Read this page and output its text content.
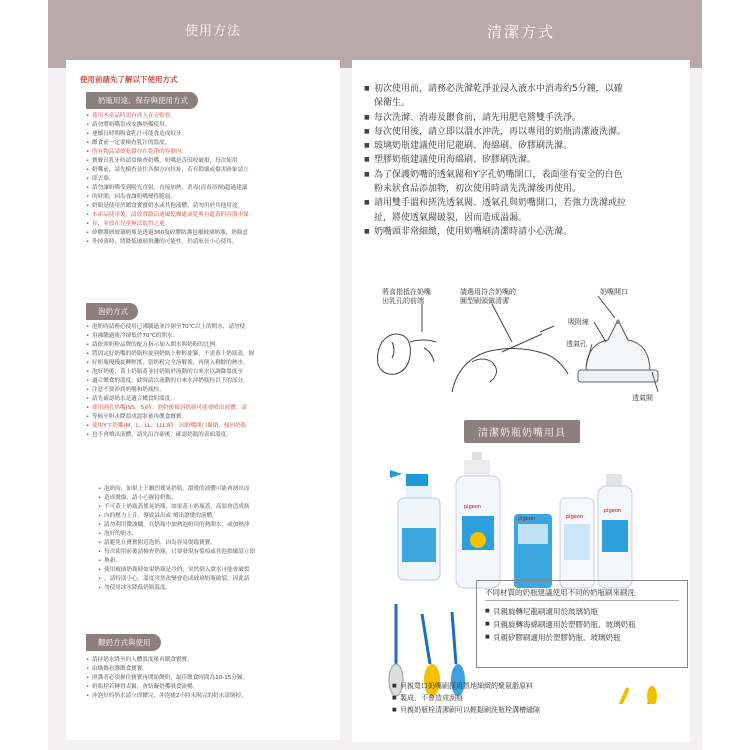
使用方法
使用前請先了解以下使用方式
奶瓶用途、保存與使用方式
• 使用本產品時需有成人在旁監督。
• 請勿將奶嘴當成安撫奶嘴使用。
• 連續長時間吸食乳汁可能會造成蛀牙。
• 餵食前一定要檢查乳汁的溫度。
• 所有物品請擦乾儲存在乾淨的容器內。
• 寶寶長乳牙時請常檢查奶嘴，奶嘴是否因咬破損，每次使用
• 奶嘴前，請先檢查並往各個方向拉扯，若有損壞或傷害跡象請立
• 即丟棄。
• 請勿讓奶嘴受到陽光直射、直接加熱、消毒(清毒溶劑)超過建議
• 的時間，因為會讓奶嘴變得脆弱。
• 奶瓶是使用於餵食寶寶奶水或其他液體，請勿用於其他用途。
• 本產品使用後，請放置陰涼通風乾燥處或乾爽有遮蓋的容器中保
• 存，並放在兒童無法取得之處。
• 矽膠護層玻璃奶瓶是透過360度矽膠防護包覆玻璃奶瓶，奶瓶意
• 外掉落時，將降低玻璃飛濺的可能性，仍請家長小心使用。
泡奶方式
• 泡奶時請務必使用已沸騰過並冷卻至70℃以上的開水，請勿使
• 用沸騰過後冷卻低於70℃的開水。
• 請依照奶粉品牌的配方指示加入開水與奶粉的比例。
• 將固定好奶嘴的奶瓶栓旋到奶瓶上輕輕旋緊，不需蓋上奶瓶蓋，握
• 好奶瓶慢慢旋轉輕搖，當奶粉完全溶解後，再倒入剩餘的熱水。
• 泡好奶後，蓋上奶瓶蓋並持奶瓶於流動的自來水以調降溫度至
• 適合餵食的溫度，此時請以流動的自來水沖奶瓶栓以下的部分，
• 注意不要沖到奶嘴和奶瓶栓。
• 請先確認奶水是適合餵食的溫度。
• 使用圓孔奶嘴(SS、S)時：泡奶後傾斜奶瓶可能會噴出液體。請
• 等候至奶水降溫成溫狀後再餵食寶寶。
• 使用Y字奶嘴(M、L、LL、LLL)時：因奶嘴開口緊閉，傾斜奶瓶
• 也不會噴出液體。請先沿冷卻後，確認奶瓶的表面溫度。
• 泡奶時，如果上下劇烈搖晃奶瓶，滾燙的液體可能會湧出而
• 造成燙傷，請小心握持奶瓶。
• 不可蓋上奶瓶蓋搖晃奶瓶，如果蓋上奶瓶蓋，高溫會造成瓶
• 內的壓力上升，導致溢出或 噴出滾燙的液體。
• 請勿利用微波爐，在奶瓶中加熱泡奶用的熱開水，或加熱沖
• 泡好的奶水。
• 請避免在寶寶附近泡奶，因為容易燙傷寶寶。
• 每次使用前後請檢查奶瓶，只要發現有裂痕或其他損壞請立即
• 換新。
• 使用玻璃奶瓶時如果奶瓶是冷的，突然倒入滾水可能會破裂
• ，請特別小心。溫度突然改變會造成玻璃奶瓶破裂，因此請
• 勿使用冰水降低奶瓶溫度。
餵奶方式與使用
• 請持奶水降至約人體溫度後再餵食寶寶。
• 由媽媽看護餵食寶寶。
• 照護者必須握住寶寶再開始餵奶，最佳餵食時間為10-15分鐘。
• 奶瓶栓若轉得太緊，會妨礙奶嘴吸食流暢。
• 沖泡好的奶水請立即餵完，沖泡後2小時未喝完的奶水請倒掉。
清潔方式
■ 初次使用前，請務必洗滌乾淨並浸入液水中消毒約5分鐘，以確
保衛生。
■ 每次洗滌、消毒及餵食前，請先用肥皂將雙手洗淨。
■ 每次使用後，請立即以溫水沖洗，再以專用的奶瓶清潔液洗滌。
■ 玻璃奶瓶建議使用尼龍刷、海綿刷、矽膠刷洗滌。
■ 塑膠奶瓶建議使用海綿刷、矽膠刷洗滌。
■ 為了保護奶嘴的透氣閥和Y字孔奶嘴開口，表面塗有安全的白色
粉末狀食品添加物，初次使用時請先洗滌後再使用。
■ 請用雙手溫和搓洗透氣閥、透氣孔與奶嘴開口，若強力洗滌或拉
扯，將使透氣閥破裂，因而造成溢漏。
■ 奶嘴頭非常細緻，使用奶嘴刷清潔時請小心洗滌。
將食指抵在奶嘴
出乳孔的前端
請選用符合奶嘴的
圓型刷頭做清潔
奶嘴開口
吸附線
透氣孔
透氣閥
清潔奶瓶奶嘴用具
pigeon
pigeon	pigeon
pigeon
不同材質的奶瓶建議使用不同的奶瓶刷來刷洗
■ 貝親旋轉尼龍刷適用於玻璃奶瓶
■ 貝親旋轉海綿刷適用於塑膠奶瓶、玻璃奶瓶
■ 貝親矽膠刷適用於塑膠奶瓶、玻璃奶瓶
■ 貝親寬口奶嘴刷採用質地細緻的聚氨脂原料
■ 製成，不會造成刮痕
■ 貝親奶瓶栓清潔刷可以輕鬆刷洗瓶栓溝槽縫隙
